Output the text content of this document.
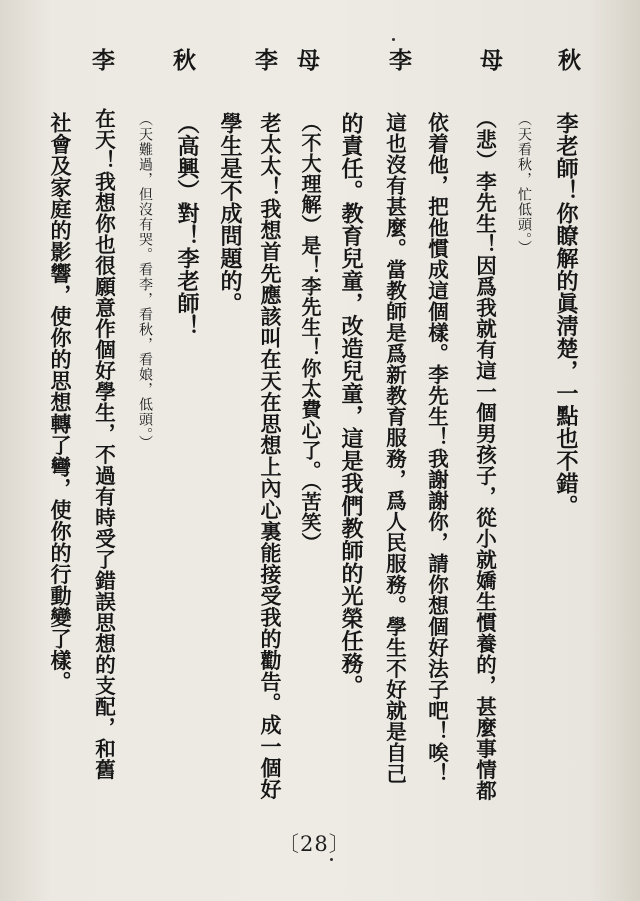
秋
母
李
母
李
秋
李
李老師！你瞭解的眞淸楚，一點也不錯。
（天看秋，忙低頭。）
（悲）李先生！因爲我就有這一個男孩子，從小就嬌生慣養的，甚麼事情都
依着他，把他慣成這個樣。李先生！我謝謝你，請你想個好法子吧！唉！
這也沒有甚麼。當教師是爲新教育服務，爲人民服務。學生不好就是自己
的責任。教育兒童，改造兒童，這是我們教師的光榮任務。
（不大理解）是！李先生！你太費心了。（苦笑）
老太太！我想首先應該叫在天在思想上內心裏能接受我的勸告。成一個好
學生是不成問題的。
（高興）對！李老師！
（天難過，但沒有哭。看李，看秋，看娘，低頭。）
在天！我想你也很願意作個好學生，不過有時受了錯誤思想的支配，和舊
社會及家庭的影響，使你的思想轉了彎，使你的行動變了樣。
〔28〕
